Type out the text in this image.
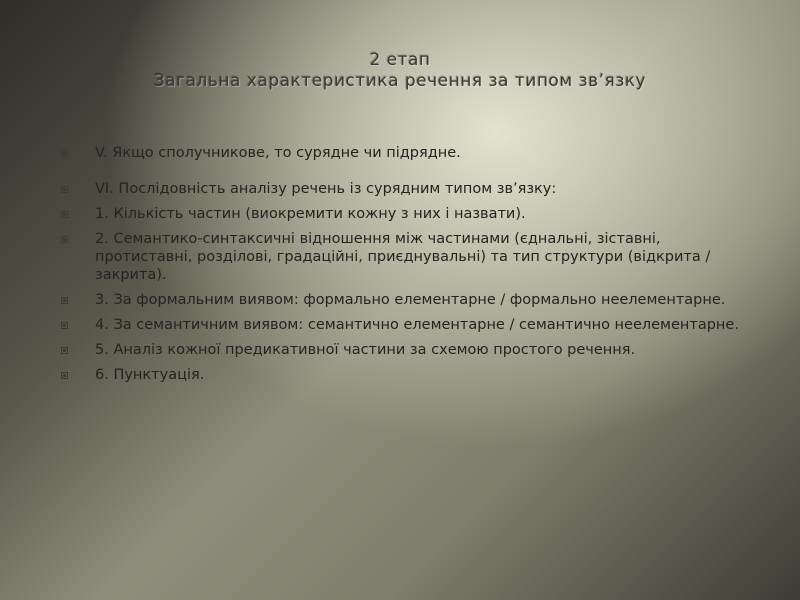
2 етап
Загальна характеристика речення за типом зв’язку
V. Якщо сполучникове, то сурядне чи підрядне.
VI. Послідовність аналізу речень із сурядним типом зв’язку:
1. Кількість частин (виокремити кожну з них і назвати).
2. Семантико-синтаксичні відношення між частинами (єднальні, зіставні, протиставні, розділові, градаційні, приєднувальні) та тип структури (відкрита / закрита).
3. За формальним виявом: формально елементарне / формально неелементарне.
4. За семантичним виявом: семантично елементарне / семантично неелементарне.
5. Аналіз кожної предикативної частини за схемою простого речення.
6. Пунктуація.
